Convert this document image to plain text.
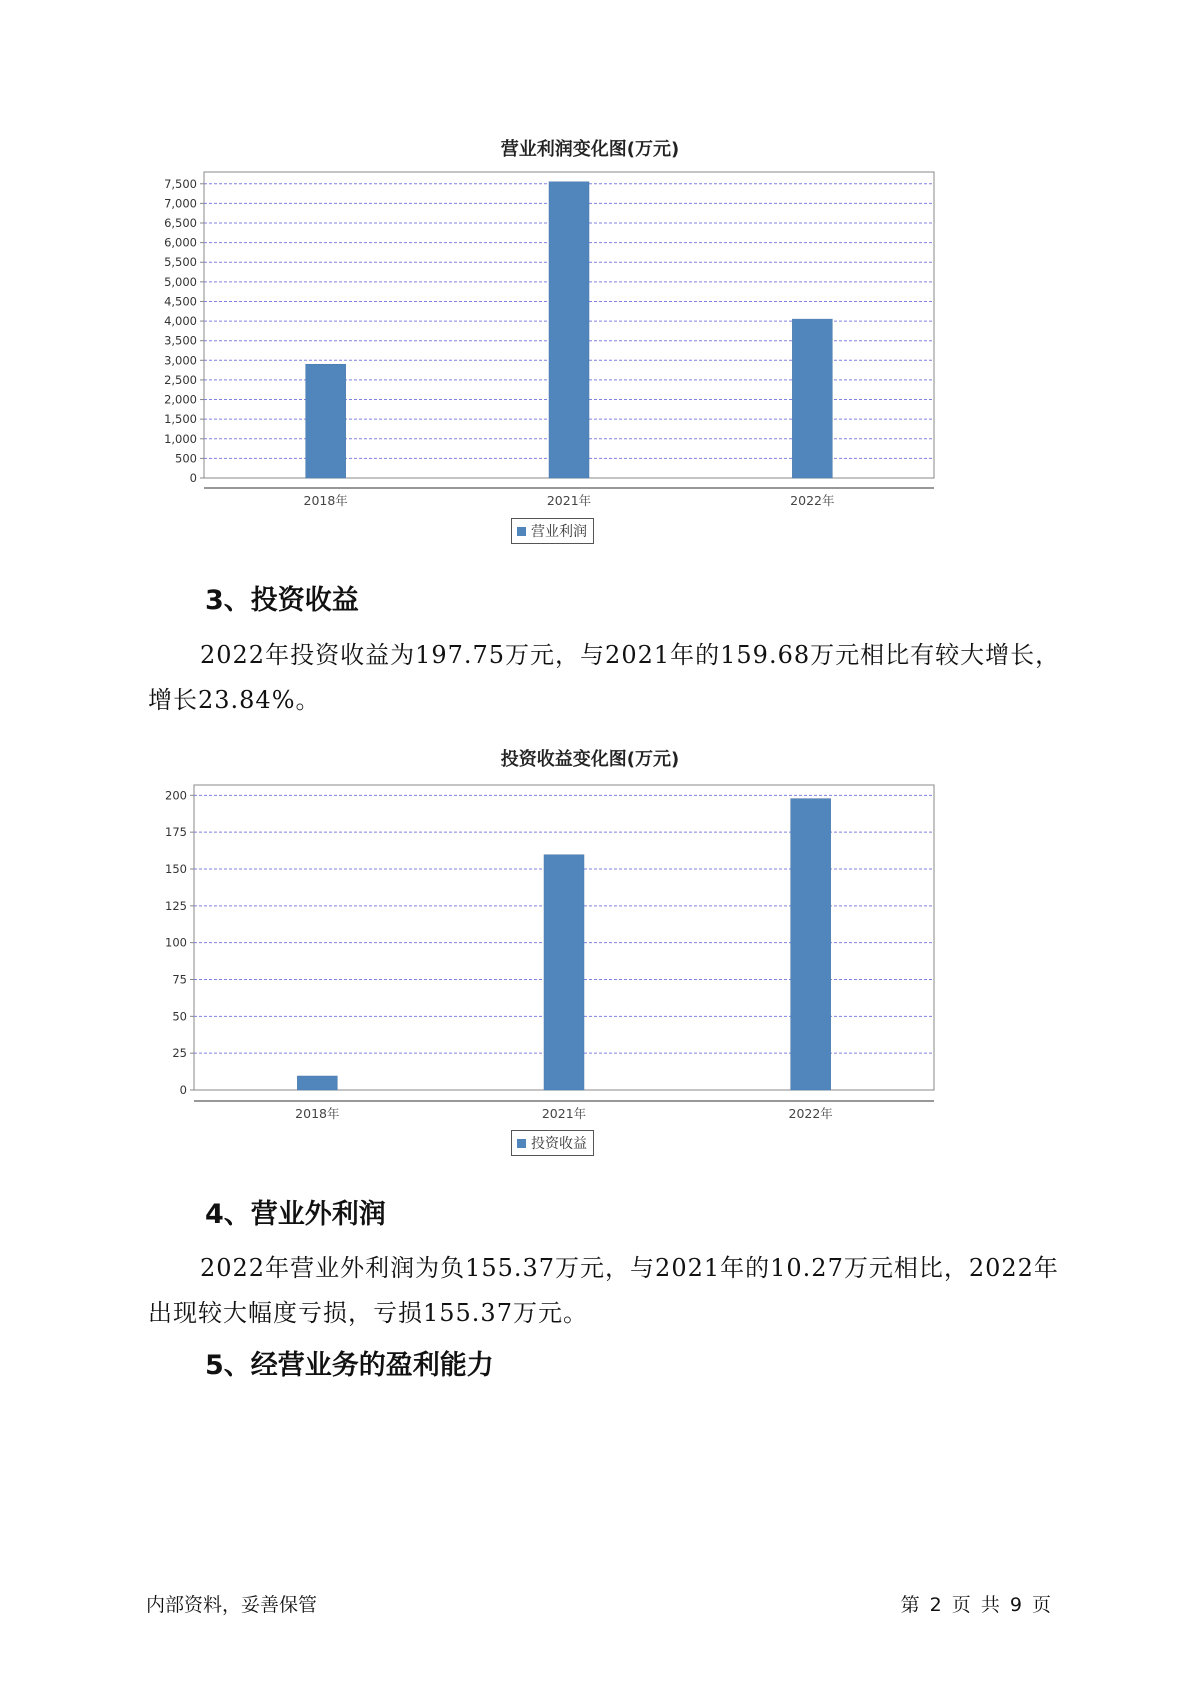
营业利润变化图(万元)
0
500
1,000
1,500
2,000
2,500
3,000
3,500
4,000
4,500
5,000
5,500
6,000
6,500
7,000
7,500
2018年	2021年	2022年
营业利润
3、投资收益
2022年投资收益为197.75万元，与2021年的159.68万元相比有较大增长，增长23.84%。
投资收益变化图(万元)
0
25
50
75
100
125
150
175
200
2018年	2021年	2022年
投资收益
4、营业外利润
2022年营业外利润为负155.37万元，与2021年的10.27万元相比，2022年出现较大幅度亏损，亏损155.37万元。
5、经营业务的盈利能力
内部资料，妥善保管	第 2 页 共 9 页
